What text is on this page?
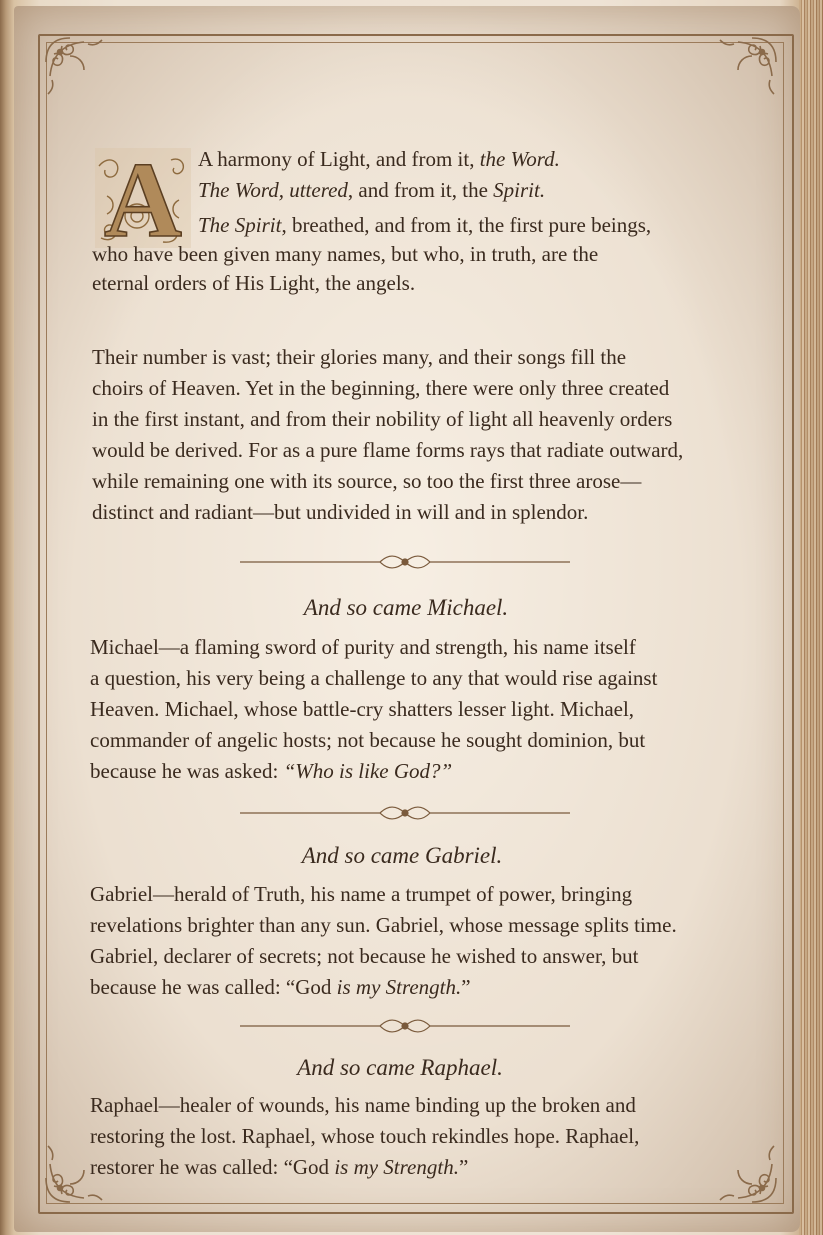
A A harmony of Light, and from it, the Word.
The Word, uttered, and from it, the Spirit.
The Spirit, breathed, and from it, the first pure beings,
who have been given many names, but who, in truth, are the
eternal orders of His Light, the angels.

Their number is vast; their glories many, and their songs fill the
choirs of Heaven. Yet in the beginning, there were only three created
in the first instant, and from their nobility of light all heavenly orders
would be derived. For as a pure flame forms rays that radiate outward,
while remaining one with its source, so too the first three arose—
distinct and radiant—but undivided in will and in splendor.

And so came Michael.

Michael—a flaming sword of purity and strength, his name itself
a question, his very being a challenge to any that would rise against
Heaven. Michael, whose battle-cry shatters lesser light. Michael,
commander of angelic hosts; not because he sought dominion, but
because he was asked: “Who is like God?”

And so came Gabriel.

Gabriel—herald of Truth, his name a trumpet of power, bringing
revelations brighter than any sun. Gabriel, whose message splits time.
Gabriel, declarer of secrets; not because he wished to answer, but
because he was called: “God is my Strength.”

And so came Raphael.

Raphael—healer of wounds, his name binding up the broken and
restoring the lost. Raphael, whose touch rekindles hope. Raphael,
restorer he was called: “God is my Strength.”
